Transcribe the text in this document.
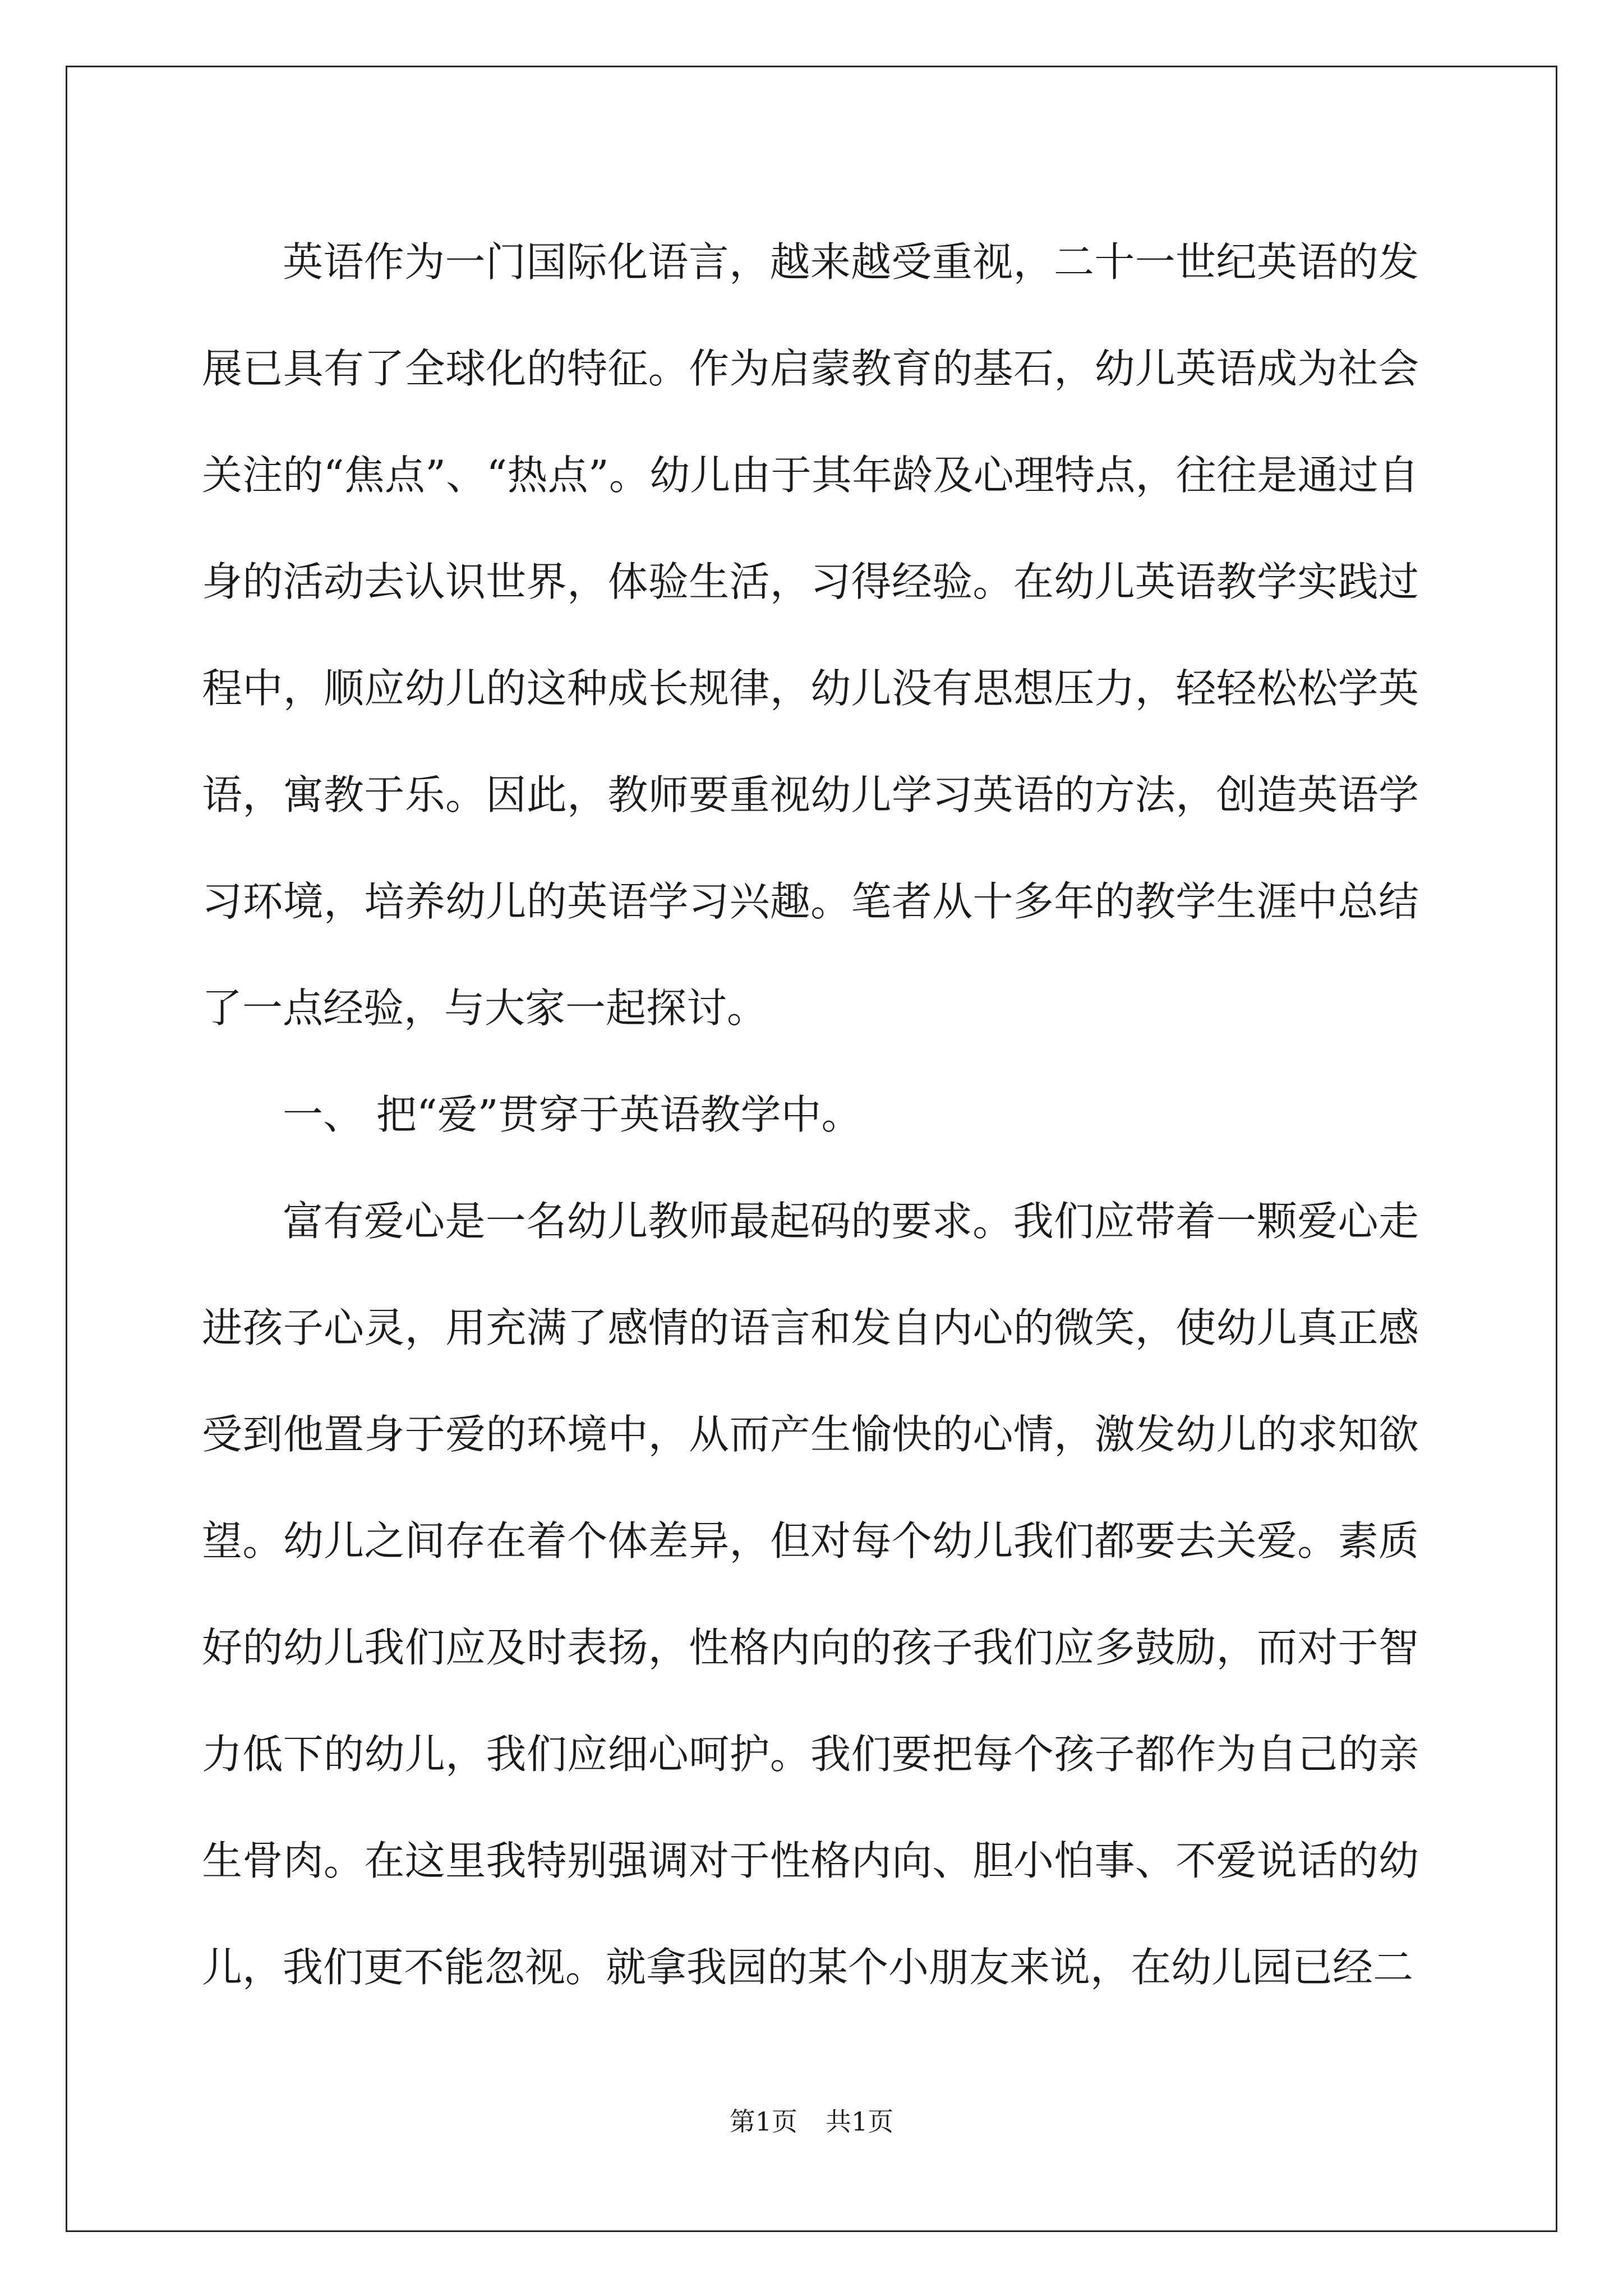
英语作为一门国际化语言，越来越受重视，二十一世纪英语的发展已具有了全球化的特征。作为启蒙教育的基石，幼儿英语成为社会关注的“焦点”、“热点”。幼儿由于其年龄及心理特点，往往是通过自身的活动去认识世界，体验生活，习得经验。在幼儿英语教学实践过程中，顺应幼儿的这种成长规律，幼儿没有思想压力，轻轻松松学英语，寓教于乐。因此，教师要重视幼儿学习英语的方法，创造英语学习环境，培养幼儿的英语学习兴趣。笔者从十多年的教学生涯中总结了一点经验，与大家一起探讨。

一、 把“爱”贯穿于英语教学中。

富有爱心是一名幼儿教师最起码的要求。我们应带着一颗爱心走进孩子心灵，用充满了感情的语言和发自内心的微笑，使幼儿真正感受到他置身于爱的环境中，从而产生愉快的心情，激发幼儿的求知欲望。幼儿之间存在着个体差异，但对每个幼儿我们都要去关爱。素质好的幼儿我们应及时表扬，性格内向的孩子我们应多鼓励，而对于智力低下的幼儿，我们应细心呵护。我们要把每个孩子都作为自己的亲生骨肉。在这里我特别强调对于性格内向、胆小怕事、不爱说话的幼儿，我们更不能忽视。就拿我园的某个小朋友来说，在幼儿园已经二

第1页 共1页
